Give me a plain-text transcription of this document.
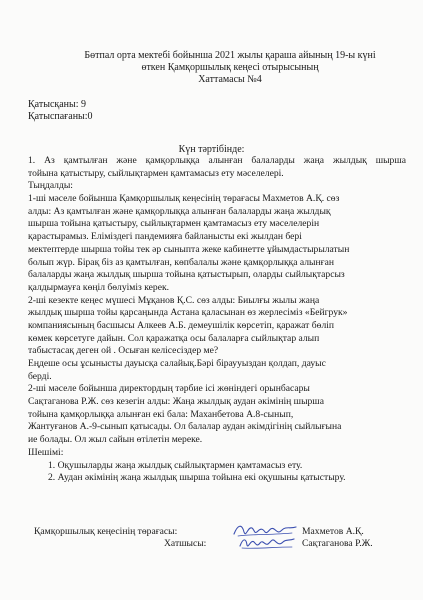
Бөтпал орта мектебі бойынша 2021 жылы қараша айының 19-ы күні
өткен Қамқоршылық кеңесі отырысының
Хаттамасы №4
Қатысқаны: 9
Қатыспағаны:0
Күн тәртібінде:
1. Аз қамтылған және қамқорлыққа алынған балаларды жаңа жылдық шырша
тойына қатыстыру, сыйлықтармен қамтамасыз ету мәселелері.
Тыңдалды:
1-ші мәселе бойынша Қамқоршылық кеңесінің төрағасы Махметов А.Қ. сөз
алды: Аз қамтылған және қамқорлыққа алынған балаларды жаңа жылдық
шырша тойына қатыстыру, сыйлықтармен қамтамасыз ету мәселелерін
қарастырамыз. Еліміздегі пандемияға байланысты екі жылдан бері
мектептерде шырша тойы тек әр сыныпта жеке кабинетте ұйымдастырылатын
болып жүр. Бірақ біз аз қамтылған, көпбалалы және қамқорлыққа алынған
балаларды жаңа жылдық шырша тойына қатыстырып, оларды сыйлықтарсыз
қалдырмауға көңіл бөлуіміз керек.
2-ші кезекте кеңес мүшесі Мұқанов Қ.С. сөз алды: Биылғы жылы жаңа
жылдық шырша тойы қарсаңында Астана қаласынан өз жерлесіміз «Бейгрук»
компаниясының басшысы Алкеев А.Б. демеушілік көрсетіп, қаражат бөліп
көмек көрсетуге дайын. Сол қаражатқа осы балаларға сыйлықтар алып
табыстасақ деген ой . Осыған келісесіздер ме?
Еңдеше осы ұсынысты дауысқа салайық.Бәрі біраууыздан қолдап, дауыс
берді.
2-ші мәселе бойынша директордың тәрбие ісі жөніндегі орынбасары
Сақтаганова Р.Ж. сөз кезегін алды: Жаңа жылдық аудан әкімінің шырша
тойына қамқорлыққа алынған екі бала: Маханбетова А.8-сынып,
Жантуғанов А.-9-сынып қатысады. Ол балалар аудан әкімдігінің сыйлығына
ие болады. Ол жыл сайын өтілетін мереке.
Шешімі:
1. Оқушыларды жаңа жылдық сыйлықтармен қамтамасыз ету.
2. Аудан әкімінің жаңа жылдық шырша тойына екі оқушыны қатыстыру.
Қамқоршылық кеңесінің төрағасы:	Махметов А.Қ.
Хатшысы:	Сақтаганова Р.Ж.
